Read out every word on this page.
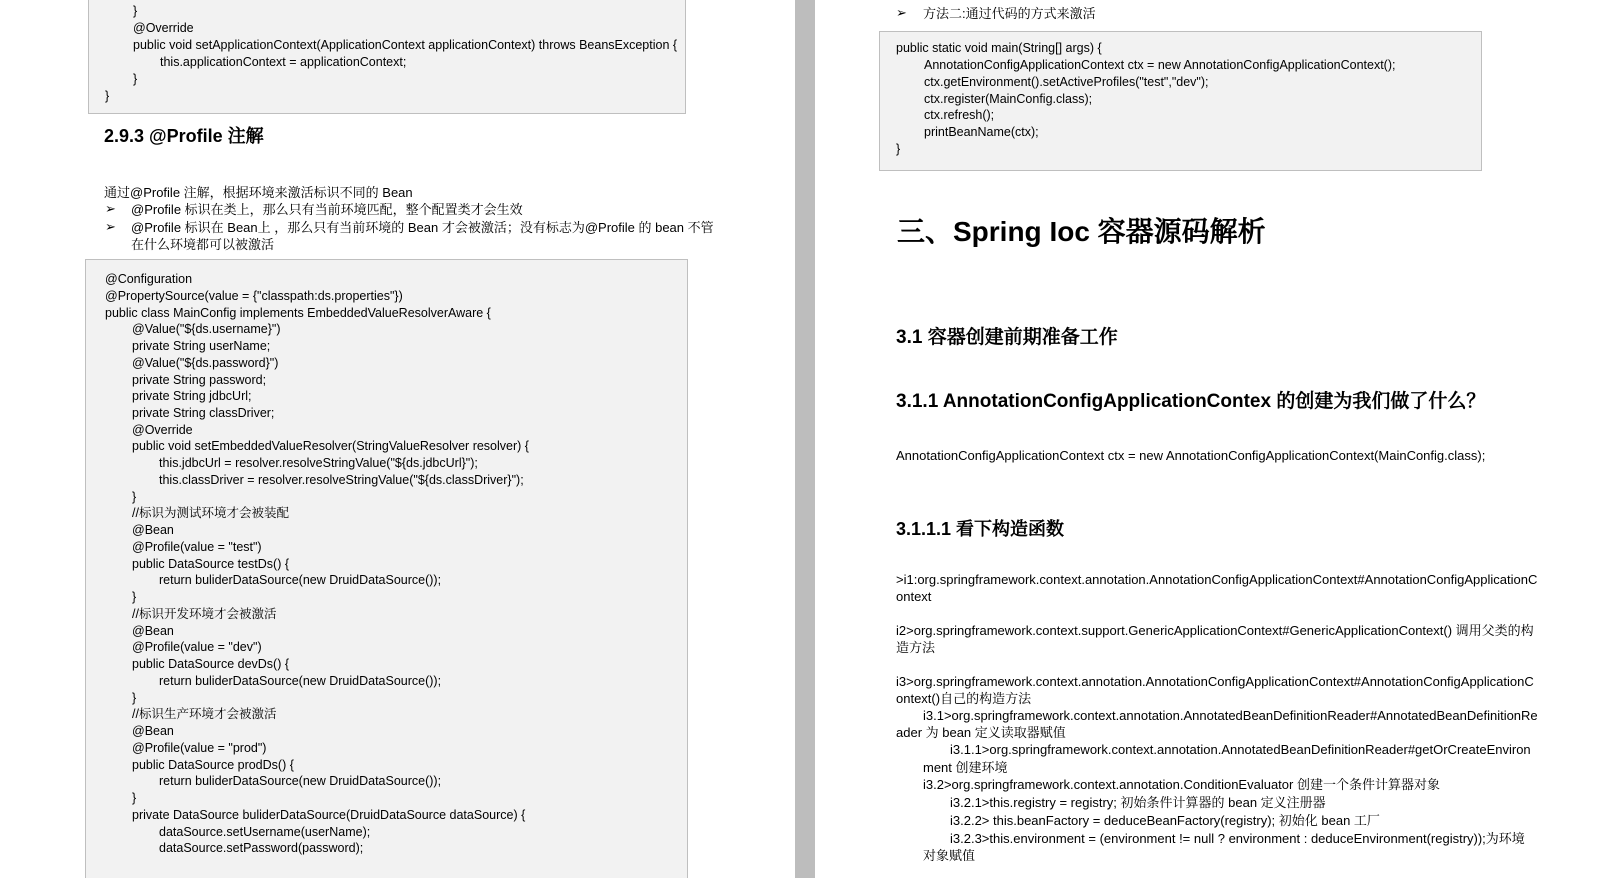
}
@Override
public void setApplicationContext(ApplicationContext applicationContext) throws BeansException {
this.applicationContext = applicationContext;
}
}
2.9.3 @Profile 注解
通过@Profile 注解，根据环境来激活标识不同的 Bean
➢ @Profile 标识在类上，那么只有当前环境匹配，整个配置类才会生效
➢ @Profile 标识在 Bean上 ，那么只有当前环境的 Bean 才会被激活；没有标志为@Profile 的 bean 不管
在什么环境都可以被激活
@Configuration
@PropertySource(value = {"classpath:ds.properties"})
public class MainConfig implements EmbeddedValueResolverAware {
@Value("${ds.username}")
private String userName;
@Value("${ds.password}")
private String password;
private String jdbcUrl;
private String classDriver;
@Override
public void setEmbeddedValueResolver(StringValueResolver resolver) {
this.jdbcUrl = resolver.resolveStringValue("${ds.jdbcUrl}");
this.classDriver = resolver.resolveStringValue("${ds.classDriver}");
}
//标识为测试环境才会被装配
@Bean
@Profile(value = "test")
public DataSource testDs() {
return buliderDataSource(new DruidDataSource());
}
//标识开发环境才会被激活
@Bean
@Profile(value = "dev")
public DataSource devDs() {
return buliderDataSource(new DruidDataSource());
}
//标识生产环境才会被激活
@Bean
@Profile(value = "prod")
public DataSource prodDs() {
return buliderDataSource(new DruidDataSource());
}
private DataSource buliderDataSource(DruidDataSource dataSource) {
dataSource.setUsername(userName);
dataSource.setPassword(password);
➢ 方法二:通过代码的方式来激活
public static void main(String[] args) {
AnnotationConfigApplicationContext ctx = new AnnotationConfigApplicationContext();
ctx.getEnvironment().setActiveProfiles("test","dev");
ctx.register(MainConfig.class);
ctx.refresh();
printBeanName(ctx);
}
三、Spring Ioc 容器源码解析
3.1 容器创建前期准备工作
3.1.1 AnnotationConfigApplicationContex 的创建为我们做了什么？
AnnotationConfigApplicationContext ctx = new AnnotationConfigApplicationContext(MainConfig.class);
3.1.1.1 看下构造函数
>i1:org.springframework.context.annotation.AnnotationConfigApplicationContext#AnnotationConfigApplicationC
ontext
i2>org.springframework.context.support.GenericApplicationContext#GenericApplicationContext() 调用父类的构
造方法
i3>org.springframework.context.annotation.AnnotationConfigApplicationContext#AnnotationConfigApplicationC
ontext()自己的构造方法
i3.1>org.springframework.context.annotation.AnnotatedBeanDefinitionReader#AnnotatedBeanDefinitionRe
ader 为 bean 定义读取器赋值
i3.1.1>org.springframework.context.annotation.AnnotatedBeanDefinitionReader#getOrCreateEnviron
ment 创建环境
i3.2>org.springframework.context.annotation.ConditionEvaluator 创建一个条件计算器对象
i3.2.1>this.registry = registry; 初始条件计算器的 bean 定义注册器
i3.2.2> this.beanFactory = deduceBeanFactory(registry); 初始化 bean 工厂
i3.2.3>this.environment = (environment != null ? environment : deduceEnvironment(registry));为环境
对象赋值
